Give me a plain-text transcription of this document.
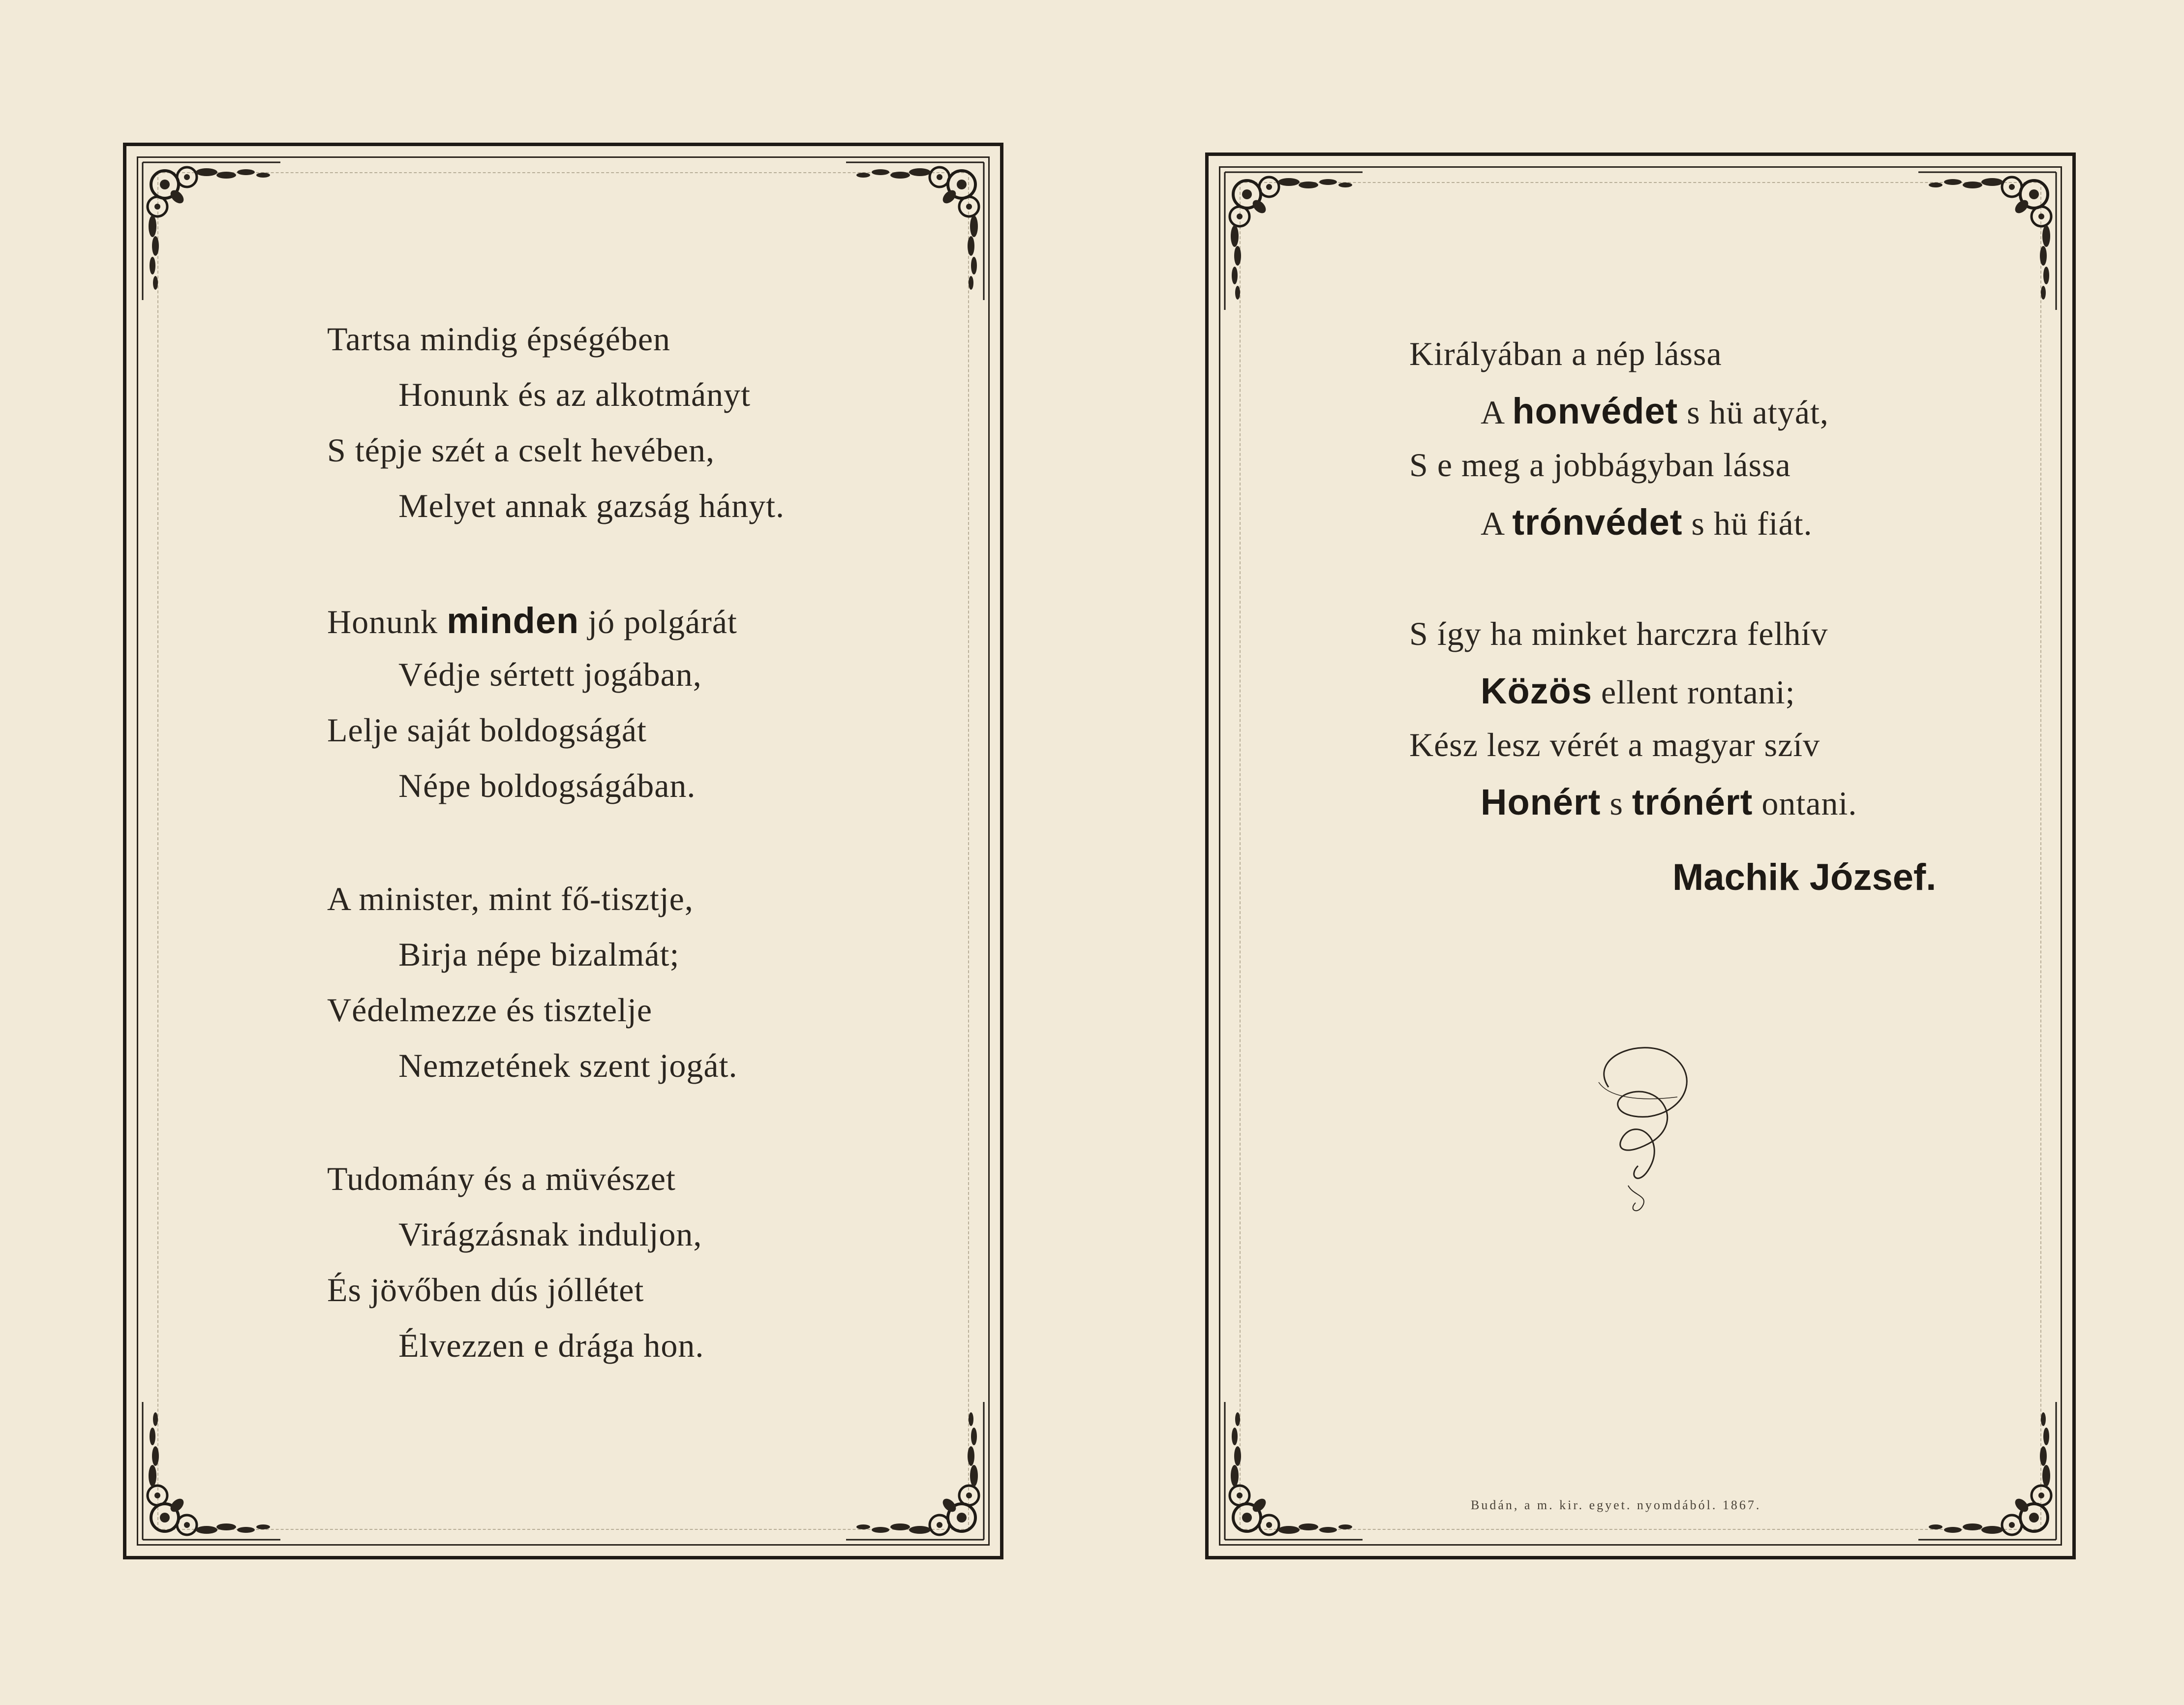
Tartsa mindig épségében
Honunk és az alkotmányt
S tépje szét a cselt hevében,
Melyet annak gazság hányt.
Honunk minden jó polgárát
Védje sértett jogában,
Lelje saját boldogságát
Népe boldogságában.
A minister, mint fő-tisztje,
Birja népe bizalmát;
Védelmezze és tisztelje
Nemzetének szent jogát.
Tudomány és a müvészet
Virágzásnak induljon,
És jövőben dús jóllétet
Élvezzen e drága hon.
Királyában a nép lássa
A honvédet s hü atyát,
S e meg a jobbágyban lássa
A trónvédet s hü fiát.
S így ha minket harczra felhív
Közös ellent rontani;
Kész lesz vérét a magyar szív
Honért s trónért ontani.
Machik József.
Budán, a m. kir. egyet. nyomdából. 1867.
